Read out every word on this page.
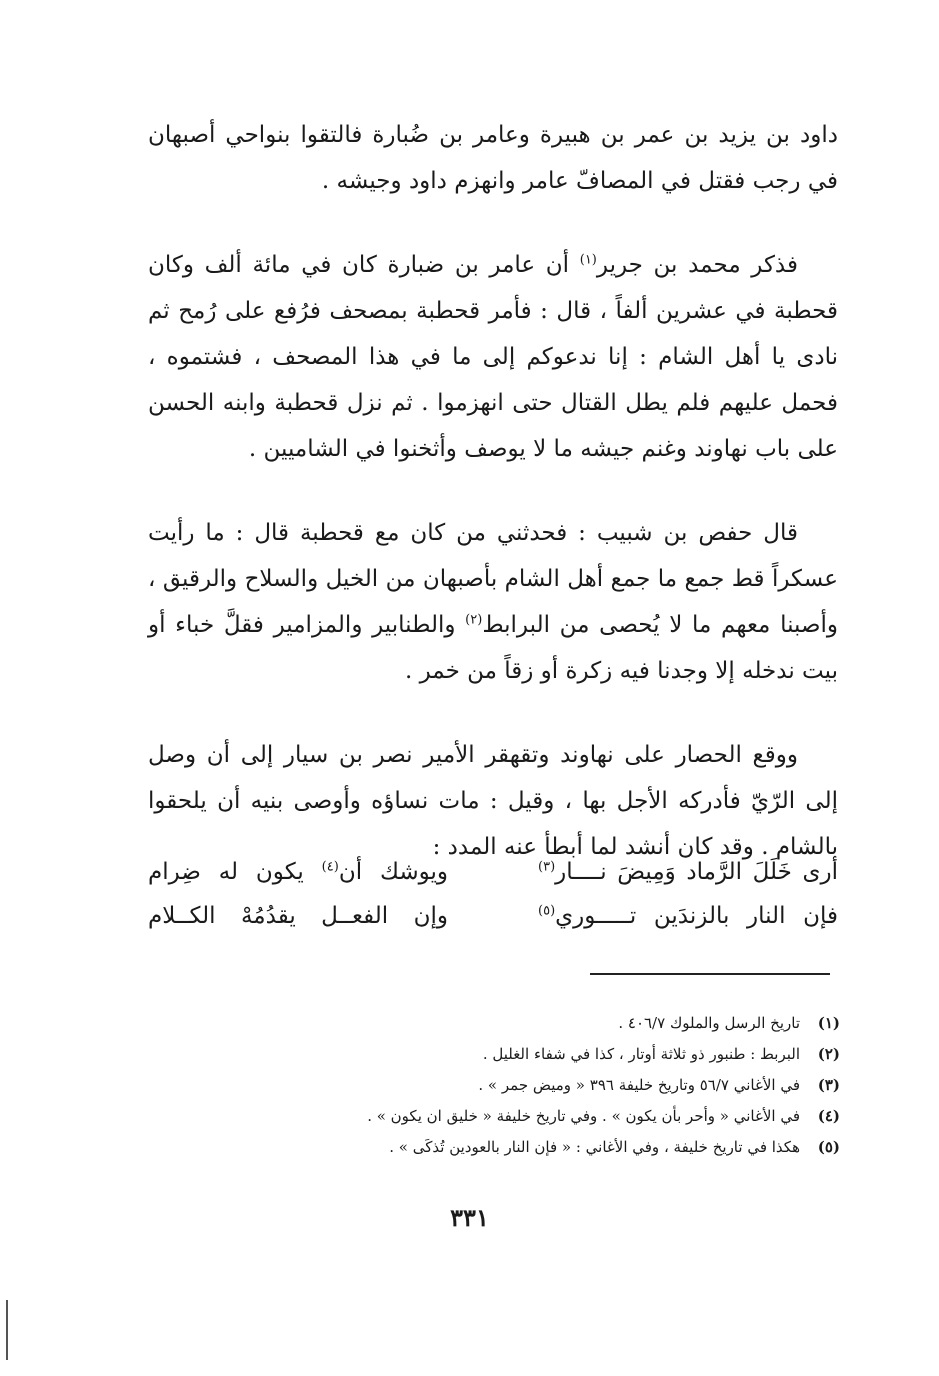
داود بن يزيد بن عمر بن هبيرة وعامر بن ضُبارة فالتقوا بنواحي أصبهان في رجب فقتل في المصافّ عامر وانهزم داود وجيشه .

فذكر محمد بن جرير$^{(١)}$ أن عامر بن ضبارة كان في مائة ألف وكان قحطبة في عشرين ألفاً ، قال : فأمر قحطبة بمصحف فرُفع على رُمح ثم نادى يا أهل الشام : إنا ندعوكم إلى ما في هذا المصحف ، فشتموه ، فحمل عليهم فلم يطل القتال حتى انهزموا . ثم نزل قحطبة وابنه الحسن على باب نهاوند وغنم جيشه ما لا يوصف وأثخنوا في الشاميين .

قال حفص بن شبيب : فحدثني من كان مع قحطبة قال : ما رأيت عسكراً قط جمع ما جمع أهل الشام بأصبهان من الخيل والسلاح والرقيق ، وأصبنا معهم ما لا يُحصى من البرابط$^{(٢)}$ والطنابير والمزامير فقلَّ خباء أو بيت ندخله إلا وجدنا فيه زكرة أو زقاً من خمر .

ووقع الحصار على نهاوند وتقهقر الأمير نصر بن سيار إلى أن وصل إلى الرّيّ فأدركه الأجل بها ، وقيل : مات نساؤه وأوصى بنيه أن يلحقوا بالشام . وقد كان أنشد لما أبطأ عنه المدد :

أرى خَلَلَ الرَّماد وَمِيضَ نــــار$^{(٣)}$
ويوشك أن$^{(٤)}$ يكون له ضِرام
فإن النار بالزندَين تـــــوري$^{(٥)}$
وإن الفعــل يقدُمُهْ الكــلام
(١)
تاريخ الرسل والملوك ٤٠٦/٧ .
(٢)
البربط : طنبور ذو ثلاثة أوتار ، كذا في شفاء الغليل .
(٣)
في الأغاني ٥٦/٧ وتاريخ خليفة ٣٩٦ « وميض جمر » .
(٤)
في الأغاني « وأحر بأن يكون » . وفي تاريخ خليفة « خليق ان يكون » .
(٥)
هكذا في تاريخ خليفة ، وفي الأغاني : « فإن النار بالعودين تُذكَى » .
٣٣١
